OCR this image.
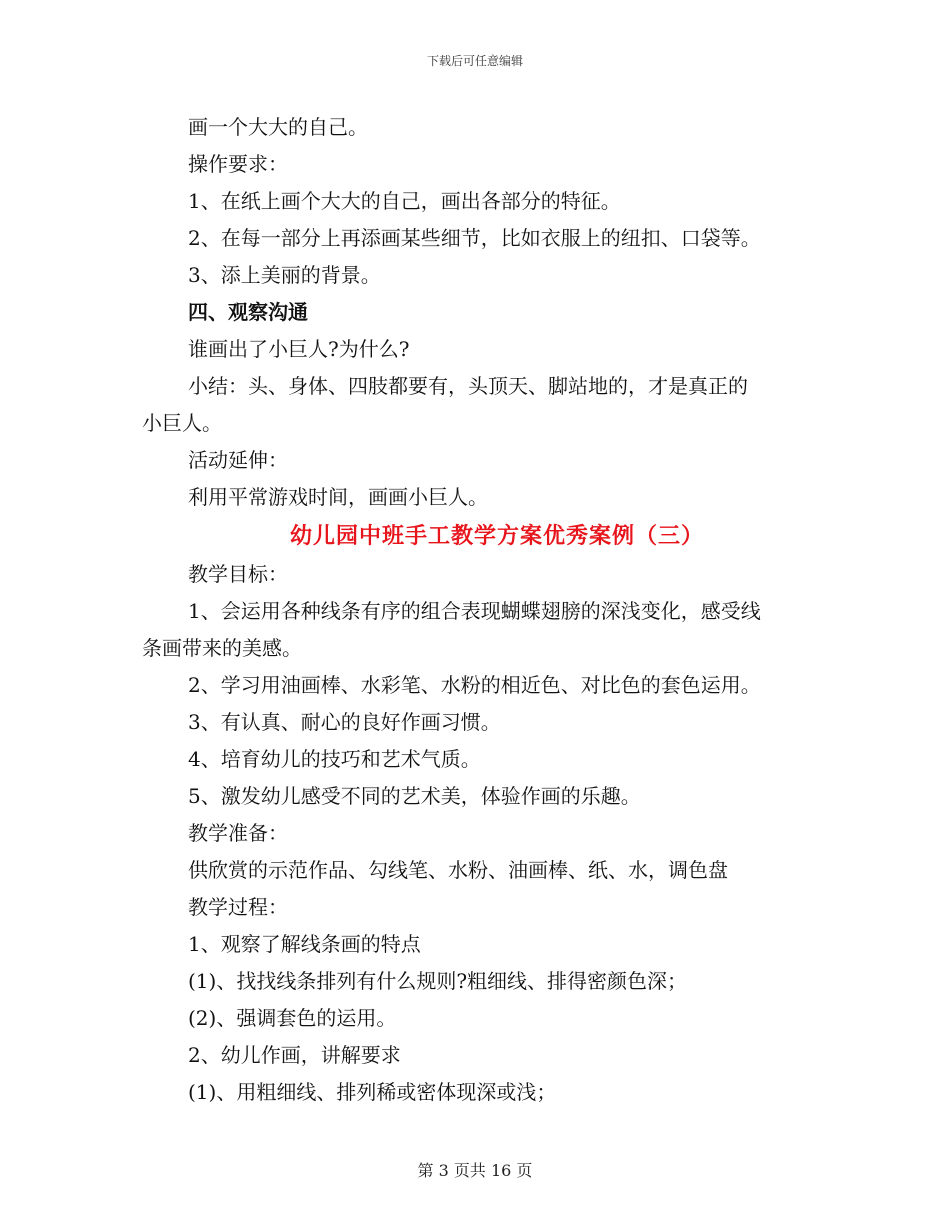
下载后可任意编辑
画一个大大的自己。
操作要求：
1、在纸上画个大大的自己，画出各部分的特征。
2、在每一部分上再添画某些细节，比如衣服上的纽扣、口袋等。
3、添上美丽的背景。
四、观察沟通
谁画出了小巨人?为什么?
小结：头、身体、四肢都要有，头顶天、脚站地的，才是真正的
小巨人。
活动延伸：
利用平常游戏时间，画画小巨人。
幼儿园中班手工教学方案优秀案例（三）
教学目标：
1、会运用各种线条有序的组合表现蝴蝶翅膀的深浅变化，感受线
条画带来的美感。
2、学习用油画棒、水彩笔、水粉的相近色、对比色的套色运用。
3、有认真、耐心的良好作画习惯。
4、培育幼儿的技巧和艺术气质。
5、激发幼儿感受不同的艺术美，体验作画的乐趣。
教学准备：
供欣赏的示范作品、勾线笔、水粉、油画棒、纸、水，调色盘
教学过程：
1、观察了解线条画的特点
(1)、找找线条排列有什么规则?粗细线、排得密颜色深；
(2)、强调套色的运用。
2、幼儿作画，讲解要求
(1)、用粗细线、排列稀或密体现深或浅；
第 3 页共 16 页
